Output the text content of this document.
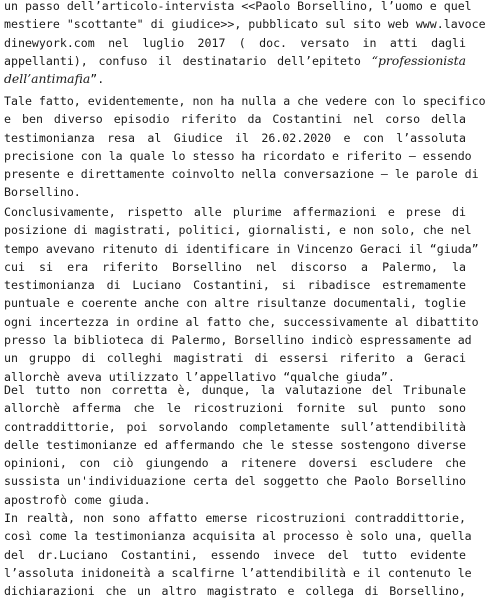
un passo dell’articolo-intervista <<Paolo Borsellino, l’uomo e quel
mestiere "scottante" di giudice>>, pubblicato sul sito web www.lavoce
dinewyork.com nel luglio 2017 ( doc. versato in atti dagli
appellanti), confuso il destinatario dell’epiteto “professionista
dell’antimafia”.
Tale fatto, evidentemente, non ha nulla a che vedere con lo specifico
e ben diverso episodio riferito da Costantini nel corso della
testimonianza resa al Giudice il 26.02.2020 e con l’assoluta
precisione con la quale lo stesso ha ricordato e riferito – essendo
presente e direttamente coinvolto nella conversazione – le parole di
Borsellino.
Conclusivamente, rispetto alle plurime affermazioni e prese di
posizione di magistrati, politici, giornalisti, e non solo, che nel
tempo avevano ritenuto di identificare in Vincenzo Geraci il “giuda”
cui si era riferito Borsellino nel discorso a Palermo, la
testimonianza di Luciano Costantini, si ribadisce estremamente
puntuale e coerente anche con altre risultanze documentali, toglie
ogni incertezza in ordine al fatto che, successivamente al dibattito
presso la biblioteca di Palermo, Borsellino indicò espressamente ad
un gruppo di colleghi magistrati di essersi riferito a Geraci
allorchè aveva utilizzato l’appellativo “qualche giuda”.
Del tutto non corretta è, dunque, la valutazione del Tribunale
allorchè afferma che le ricostruzioni fornite sul punto sono
contraddittorie, poi sorvolando completamente sull’attendibilità
delle testimonianze ed affermando che le stesse sostengono diverse
opinioni, con ciò giungendo a ritenere doversi escludere che
sussista un'individuazione certa del soggetto che Paolo Borsellino
apostrofò come giuda.
In realtà, non sono affatto emerse ricostruzioni contraddittorie,
così come la testimonianza acquisita al processo è solo una, quella
del dr.Luciano Costantini, essendo invece del tutto evidente
l’assoluta inidoneità a scalfirne l’attendibilità e il contenuto le
dichiarazioni che un altro magistrato e collega di Borsellino,
